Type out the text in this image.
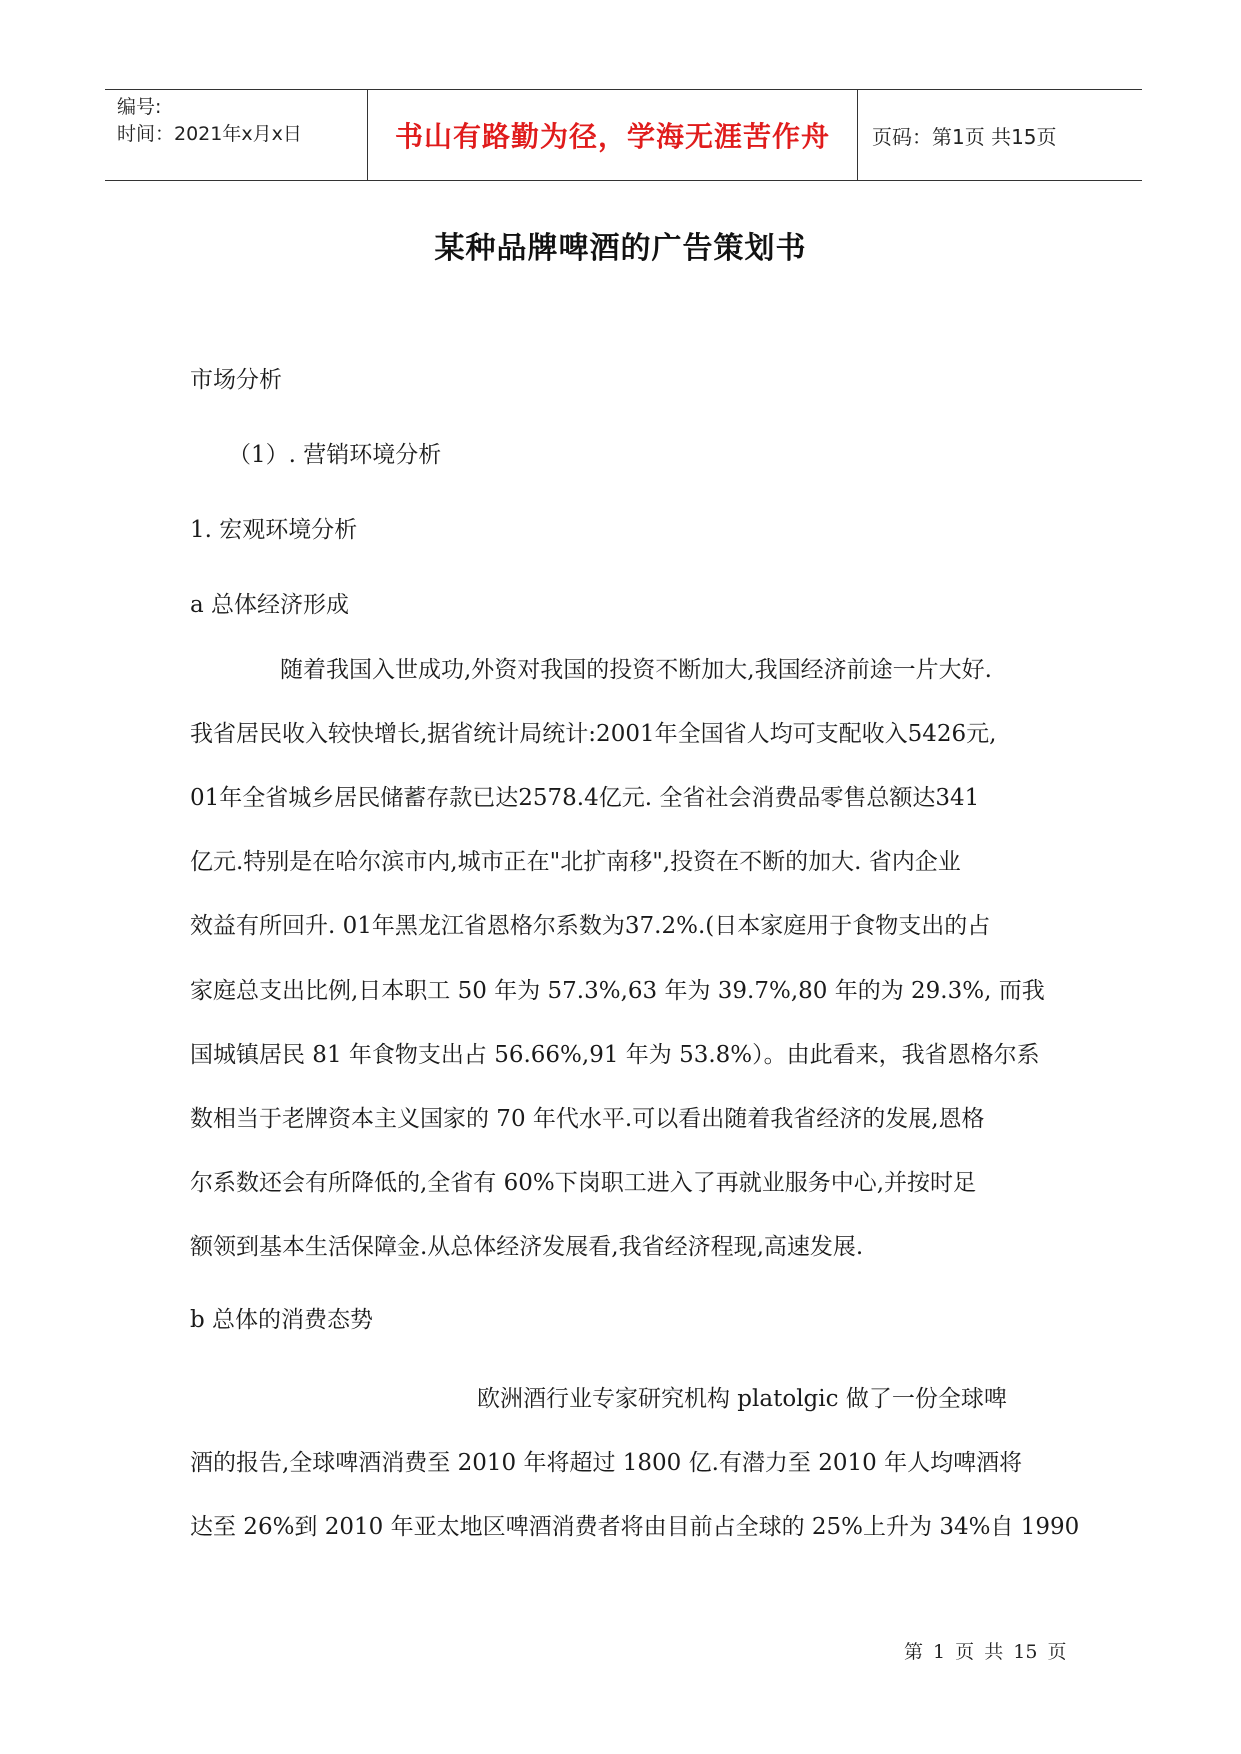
编号:
时间：2021年x月x日	书山有路勤为径，学海无涯苦作舟	页码：第1页 共15页
某种品牌啤酒的广告策划书
市场分析
（1）. 营销环境分析
1. 宏观环境分析
a 总体经济形成
随着我国入世成功,外资对我国的投资不断加大,我国经济前途一片大好.
我省居民收入较快增长,据省统计局统计:2001年全国省人均可支配收入5426元,
01年全省城乡居民储蓄存款已达2578.4亿元. 全省社会消费品零售总额达341
亿元.特别是在哈尔滨市内,城市正在"北扩南移",投资在不断的加大. 省内企业
效益有所回升. 01年黑龙江省恩格尔系数为37.2%.(日本家庭用于食物支出的占
家庭总支出比例,日本职工 50 年为 57.3%,63 年为 39.7%,80 年的为 29.3%, 而我
国城镇居民 81 年食物支出占 56.66%,91 年为 53.8%）。由此看来，我省恩格尔系
数相当于老牌资本主义国家的 70 年代水平.可以看出随着我省经济的发展,恩格
尔系数还会有所降低的,全省有 60%下岗职工进入了再就业服务中心,并按时足
额领到基本生活保障金.从总体经济发展看,我省经济程现,高速发展.
b 总体的消费态势
欧洲酒行业专家研究机构 platolgic 做了一份全球啤
酒的报告,全球啤酒消费至 2010 年将超过 1800 亿.有潜力至 2010 年人均啤酒将
达至 26%到 2010 年亚太地区啤酒消费者将由目前占全球的 25%上升为 34%自 1990
第 1 页 共 15 页
